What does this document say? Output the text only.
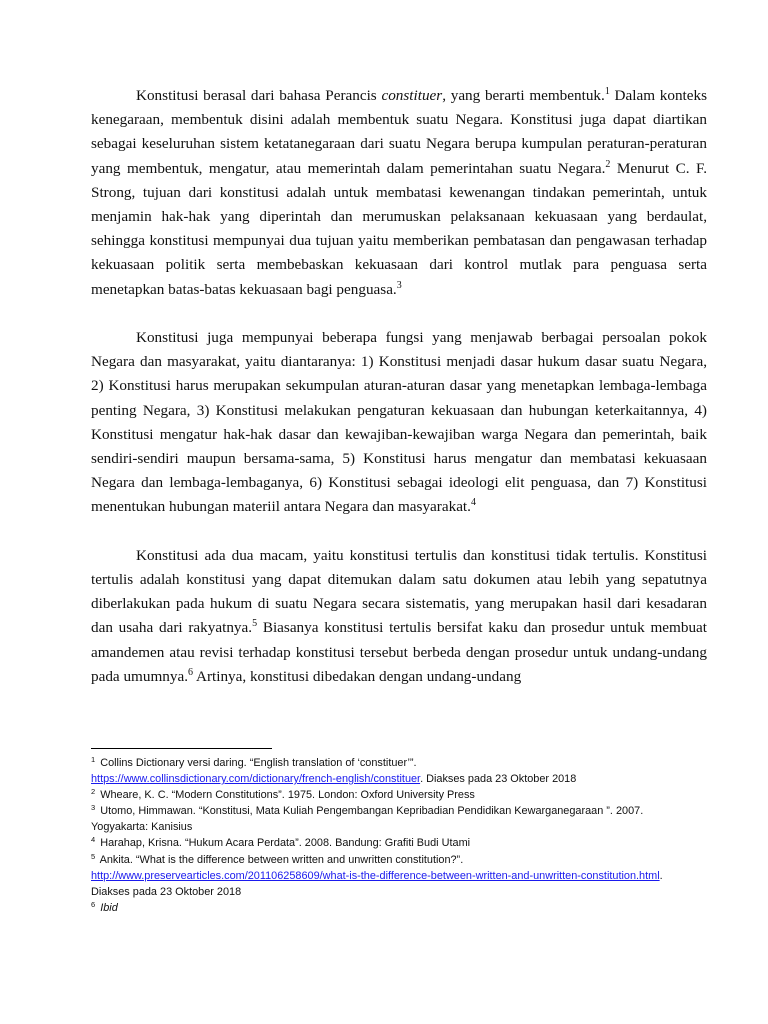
Konstitusi berasal dari bahasa Perancis constituer, yang berarti membentuk.$^1$ Dalam konteks kenegaraan, membentuk disini adalah membentuk suatu Negara. Konstitusi juga dapat diartikan sebagai keseluruhan sistem ketatanegaraan dari suatu Negara berupa kumpulan peraturan-peraturan yang membentuk, mengatur, atau memerintah dalam pemerintahan suatu Negara.$^2$ Menurut C. F. Strong, tujuan dari konstitusi adalah untuk membatasi kewenangan tindakan pemerintah, untuk menjamin hak-hak yang diperintah dan merumuskan pelaksanaan kekuasaan yang berdaulat, sehingga konstitusi mempunyai dua tujuan yaitu memberikan pembatasan dan pengawasan terhadap kekuasaan politik serta membebaskan kekuasaan dari kontrol mutlak para penguasa serta menetapkan batas-batas kekuasaan bagi penguasa.$^3$

Konstitusi juga mempunyai beberapa fungsi yang menjawab berbagai persoalan pokok Negara dan masyarakat, yaitu diantaranya: 1) Konstitusi menjadi dasar hukum dasar suatu Negara, 2) Konstitusi harus merupakan sekumpulan aturan-aturan dasar yang menetapkan lembaga-lembaga penting Negara, 3) Konstitusi melakukan pengaturan kekuasaan dan hubungan keterkaitannya, 4) Konstitusi mengatur hak-hak dasar dan kewajiban-kewajiban warga Negara dan pemerintah, baik sendiri-sendiri maupun bersama-sama, 5) Konstitusi harus mengatur dan membatasi kekuasaan Negara dan lembaga-lembaganya, 6) Konstitusi sebagai ideologi elit penguasa, dan 7) Konstitusi menentukan hubungan materiil antara Negara dan masyarakat.$^4$

Konstitusi ada dua macam, yaitu konstitusi tertulis dan konstitusi tidak tertulis. Konstitusi tertulis adalah konstitusi yang dapat ditemukan dalam satu dokumen atau lebih yang sepatutnya diberlakukan pada hukum di suatu Negara secara sistematis, yang merupakan hasil dari kesadaran dan usaha dari rakyatnya.$^5$ Biasanya konstitusi tertulis bersifat kaku dan prosedur untuk membuat amandemen atau revisi terhadap konstitusi tersebut berbeda dengan prosedur untuk undang-undang pada umumnya.$^6$ Artinya, konstitusi dibedakan dengan undang-undang

$^1$ Collins Dictionary versi daring. “English translation of ‘constituer’”.
https://www.collinsdictionary.com/dictionary/french-english/constituer. Diakses pada 23 Oktober 2018
$^2$ Wheare, K. C. “Modern Constitutions”. 1975. London: Oxford University Press
$^3$ Utomo, Himmawan. “Konstitusi, Mata Kuliah Pengembangan Kepribadian Pendidikan Kewarganegaraan ”. 2007. Yogyakarta: Kanisius
$^4$ Harahap, Krisna. “Hukum Acara Perdata”. 2008. Bandung: Grafiti Budi Utami
$^5$ Ankita. “What is the difference between written and unwritten constitution?”.
http://www.preservearticles.com/201106258609/what-is-the-difference-between-written-and-unwritten-constitution.html. Diakses pada 23 Oktober 2018
$^6$ Ibid
